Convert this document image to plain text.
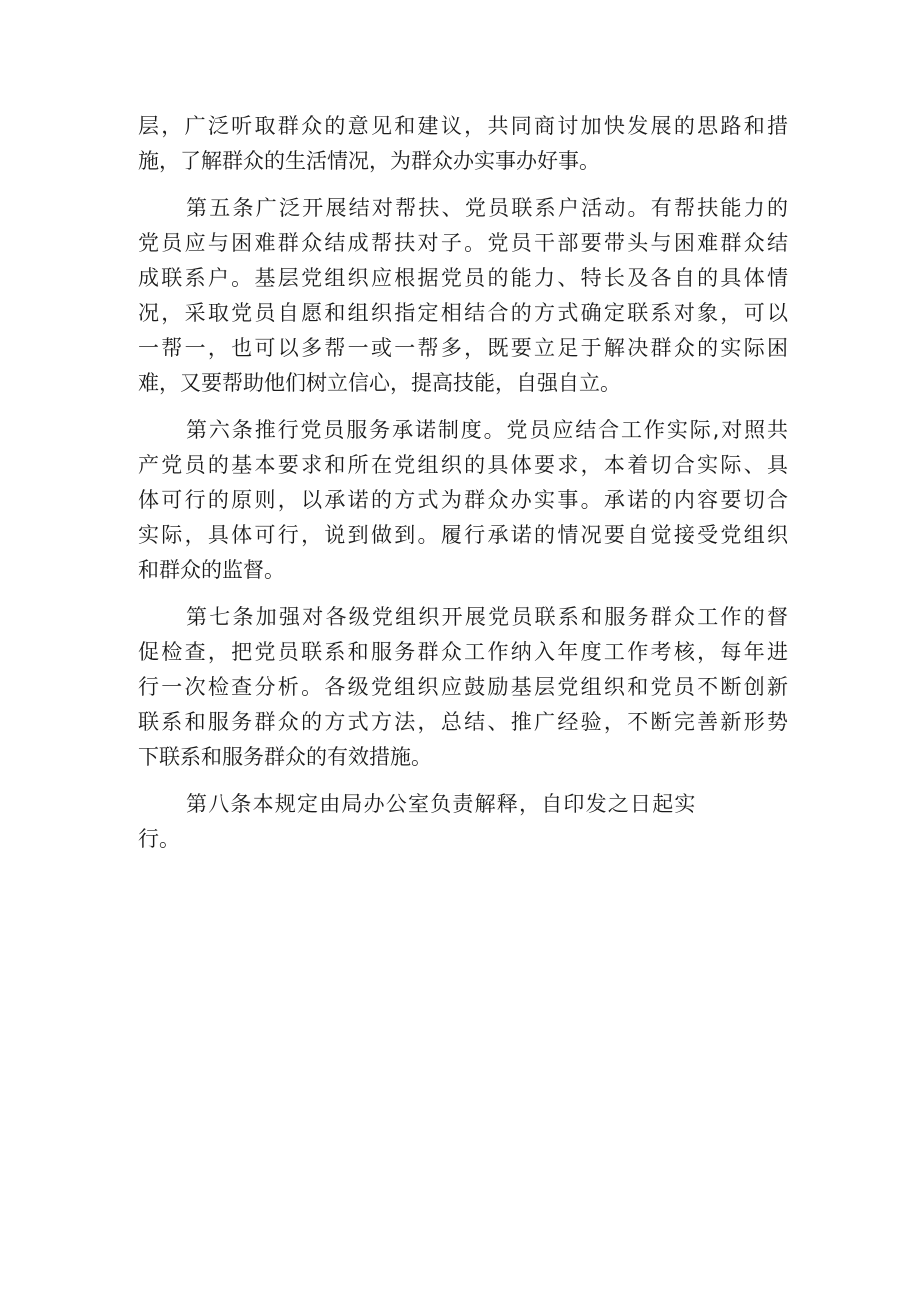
层，广泛听取群众的意见和建议，共同商讨加快发展的思路和措
施，了解群众的生活情况，为群众办实事办好事。
第五条广泛开展结对帮扶、党员联系户活动。有帮扶能力的
党员应与困难群众结成帮扶对子。党员干部要带头与困难群众结
成联系户。基层党组织应根据党员的能力、特长及各自的具体情
况，采取党员自愿和组织指定相结合的方式确定联系对象，可以
一帮一，也可以多帮一或一帮多，既要立足于解决群众的实际困
难，又要帮助他们树立信心，提高技能，自强自立。
第六条推行党员服务承诺制度。党员应结合工作实际,对照共
产党员的基本要求和所在党组织的具体要求，本着切合实际、具
体可行的原则，以承诺的方式为群众办实事。承诺的内容要切合
实际，具体可行，说到做到。履行承诺的情况要自觉接受党组织
和群众的监督。
第七条加强对各级党组织开展党员联系和服务群众工作的督
促检查，把党员联系和服务群众工作纳入年度工作考核，每年进
行一次检查分析。各级党组织应鼓励基层党组织和党员不断创新
联系和服务群众的方式方法，总结、推广经验，不断完善新形势
下联系和服务群众的有效措施。
第八条本规定由局办公室负责解释，自印发之日起实
行。
